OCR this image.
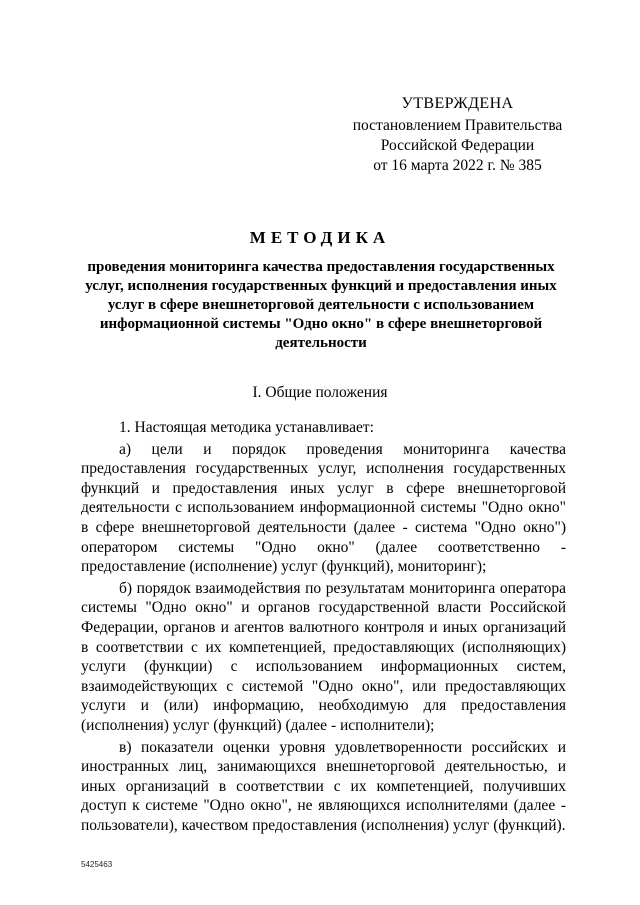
УТВЕРЖДЕНА
постановлением Правительства
Российской Федерации
от 16 марта 2022 г. № 385
МЕТОДИКА
проведения мониторинга качества предоставления государственных услуг, исполнения государственных функций и предоставления иных услуг в сфере внешнеторговой деятельности с использованием информационной системы "Одно окно" в сфере внешнеторговой деятельности
I. Общие положения

1. Настоящая методика устанавливает:

а) цели и порядок проведения мониторинга качества предоставления государственных услуг, исполнения государственных функций и предоставления иных услуг в сфере внешнеторговой деятельности с использованием информационной системы "Одно окно" в сфере внешнеторговой деятельности (далее - система "Одно окно") оператором системы "Одно окно" (далее соответственно - предоставление (исполнение) услуг (функций), мониторинг);

б) порядок взаимодействия по результатам мониторинга оператора системы "Одно окно" и органов государственной власти Российской Федерации, органов и агентов валютного контроля и иных организаций в соответствии с их компетенцией, предоставляющих (исполняющих) услуги (функции) с использованием информационных систем, взаимодействующих с системой "Одно окно", или предоставляющих услуги и (или) информацию, необходимую для предоставления (исполнения) услуг (функций) (далее - исполнители);

в) показатели оценки уровня удовлетворенности российских и иностранных лиц, занимающихся внешнеторговой деятельностью, и иных организаций в соответствии с их компетенцией, получивших доступ к системе "Одно окно", не являющихся исполнителями (далее - пользователи), качеством предоставления (исполнения) услуг (функций).

5425463
